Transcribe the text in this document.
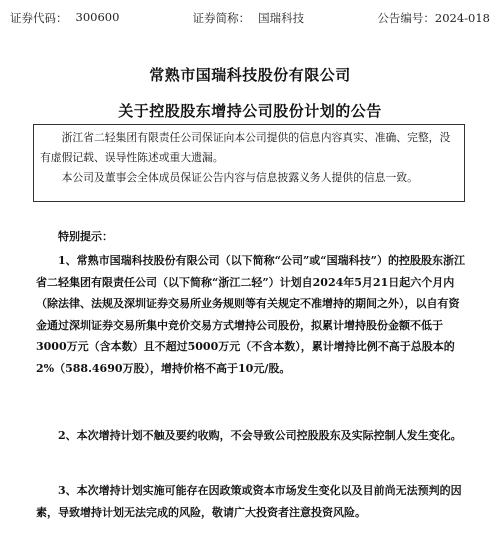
证券代码： 300600	证券简称： 国瑞科技	公告编号：2024-018
常熟市国瑞科技股份有限公司
关于控股股东增持公司股份计划的公告

浙江省二轻集团有限责任公司保证向本公司提供的信息内容真实、准确、完整，没有虚假记载、误导性陈述或重大遗漏。

本公司及董事会全体成员保证公告内容与信息披露义务人提供的信息一致。

特别提示：

1、常熟市国瑞科技股份有限公司（以下简称“公司”或“国瑞科技”）的控股股东浙江省二轻集团有限责任公司（以下简称“浙江二轻”）计划自2024年5月21日起六个月内（除法律、法规及深圳证券交易所业务规则等有关规定不准增持的期间之外），以自有资金通过深圳证券交易所集中竞价交易方式增持公司股份，拟累计增持股份金额不低于3000万元（含本数）且不超过5000万元（不含本数），累计增持比例不高于总股本的2%（588.4690万股），增持价格不高于10元/股。

2、本次增持计划不触及要约收购，不会导致公司控股股东及实际控制人发生变化。

3、本次增持计划实施可能存在因政策或资本市场发生变化以及目前尚无法预判的因素，导致增持计划无法完成的风险，敬请广大投资者注意投资风险。
